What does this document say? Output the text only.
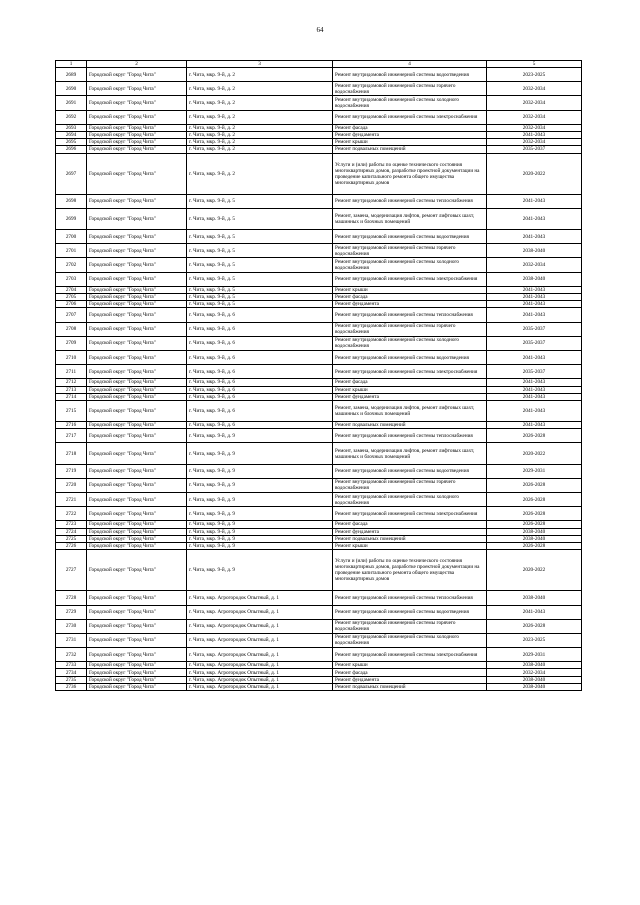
64
1	2	3	4	5
2689	Городской округ "Город Чита"	г. Чита, мкр. 9-й, д. 2	Ремонт внутридомовой инженерной системы водоотведения	2023-2025
2690	Городской округ "Город Чита"	г. Чита, мкр. 9-й, д. 2	Ремонт внутридомовой инженерной системы горячего водоснабжения	2032-2034
2691	Городской округ "Город Чита"	г. Чита, мкр. 9-й, д. 2	Ремонт внутридомовой инженерной системы холодного водоснабжения	2032-2034
2692	Городской округ "Город Чита"	г. Чита, мкр. 9-й, д. 2	Ремонт внутридомовой инженерной системы электроснабжения	2032-2034
2693	Городской округ "Город Чита"	г. Чита, мкр. 9-й, д. 2	Ремонт фасада	2032-2034
2694	Городской округ "Город Чита"	г. Чита, мкр. 9-й, д. 2	Ремонт фундамента	2041-2043
2695	Городской округ "Город Чита"	г. Чита, мкр. 9-й, д. 2	Ремонт крыши	2032-2034
2696	Городской округ "Город Чита"	г. Чита, мкр. 9-й, д. 2	Ремонт подвальных помещений	2035-2037
2697	Городской округ "Город Чита"	г. Чита, мкр. 9-й, д. 2	Услуги и (или) работы по оценке технического состояния многоквартирных домов, разработке проектной документации на проведение капитального ремонта общего имущества многоквартирных домов	2020-2022
2698	Городской округ "Город Чита"	г. Чита, мкр. 9-й, д. 5	Ремонт внутридомовой инженерной системы теплоснабжения	2041-2043
2699	Городской округ "Город Чита"	г. Чита, мкр. 9-й, д. 5	Ремонт, замена, модернизация лифтов, ремонт лифтовых шахт, машинных и блочных помещений	2041-2043
2700	Городской округ "Город Чита"	г. Чита, мкр. 9-й, д. 5	Ремонт внутридомовой инженерной системы водоотведения	2041-2043
2701	Городской округ "Город Чита"	г. Чита, мкр. 9-й, д. 5	Ремонт внутридомовой инженерной системы горячего водоснабжения	2038-2040
2702	Городской округ "Город Чита"	г. Чита, мкр. 9-й, д. 5	Ремонт внутридомовой инженерной системы холодного водоснабжения	2032-2034
2703	Городской округ "Город Чита"	г. Чита, мкр. 9-й, д. 5	Ремонт внутридомовой инженерной системы электроснабжения	2038-2040
2704	Городской округ "Город Чита"	г. Чита, мкр. 9-й, д. 5	Ремонт крыши	2041-2043
2705	Городской округ "Город Чита"	г. Чита, мкр. 9-й, д. 5	Ремонт фасада	2041-2043
2706	Городской округ "Город Чита"	г. Чита, мкр. 9-й, д. 5	Ремонт фундамента	2041-2043
2707	Городской округ "Город Чита"	г. Чита, мкр. 9-й, д. 6	Ремонт внутридомовой инженерной системы теплоснабжения	2041-2043
2708	Городской округ "Город Чита"	г. Чита, мкр. 9-й, д. 6	Ремонт внутридомовой инженерной системы горячего водоснабжения	2035-2037
2709	Городской округ "Город Чита"	г. Чита, мкр. 9-й, д. 6	Ремонт внутридомовой инженерной системы холодного водоснабжения	2035-2037
2710	Городской округ "Город Чита"	г. Чита, мкр. 9-й, д. 6	Ремонт внутридомовой инженерной системы водоотведения	2041-2043
2711	Городской округ "Город Чита"	г. Чита, мкр. 9-й, д. 6	Ремонт внутридомовой инженерной системы электроснабжения	2035-2037
2712	Городской округ "Город Чита"	г. Чита, мкр. 9-й, д. 6	Ремонт фасада	2041-2043
2713	Городской округ "Город Чита"	г. Чита, мкр. 9-й, д. 6	Ремонт крыши	2041-2043
2714	Городской округ "Город Чита"	г. Чита, мкр. 9-й, д. 6	Ремонт фундамента	2041-2043
2715	Городской округ "Город Чита"	г. Чита, мкр. 9-й, д. 6	Ремонт, замена, модернизация лифтов, ремонт лифтовых шахт, машинных и блочных помещений	2041-2043
2716	Городской округ "Город Чита"	г. Чита, мкр. 9-й, д. 6	Ремонт подвальных помещений	2041-2043
2717	Городской округ "Город Чита"	г. Чита, мкр. 9-й, д. 9	Ремонт внутридомовой инженерной системы теплоснабжения	2026-2028
2718	Городской округ "Город Чита"	г. Чита, мкр. 9-й, д. 9	Ремонт, замена, модернизация лифтов, ремонт лифтовых шахт, машинных и блочных помещений	2020-2022
2719	Городской округ "Город Чита"	г. Чита, мкр. 9-й, д. 9	Ремонт внутридомовой инженерной системы водоотведения	2029-2031
2720	Городской округ "Город Чита"	г. Чита, мкр. 9-й, д. 9	Ремонт внутридомовой инженерной системы горячего водоснабжения	2026-2028
2721	Городской округ "Город Чита"	г. Чита, мкр. 9-й, д. 9	Ремонт внутридомовой инженерной системы холодного водоснабжения	2026-2028
2722	Городской округ "Город Чита"	г. Чита, мкр. 9-й, д. 9	Ремонт внутридомовой инженерной системы электроснабжения	2026-2028
2723	Городской округ "Город Чита"	г. Чита, мкр. 9-й, д. 9	Ремонт фасада	2026-2028
2724	Городской округ "Город Чита"	г. Чита, мкр. 9-й, д. 9	Ремонт фундамента	2038-2040
2725	Городской округ "Город Чита"	г. Чита, мкр. 9-й, д. 9	Ремонт подвальных помещений	2038-2040
2726	Городской округ "Город Чита"	г. Чита, мкр. 9-й, д. 9	Ремонт крыши	2026-2028
2727	Городской округ "Город Чита"	г. Чита, мкр. 9-й, д. 9	Услуги и (или) работы по оценке технического состояния многоквартирных домов, разработке проектной документации на проведение капитального ремонта общего имущества многоквартирных домов	2020-2022
2728	Городской округ "Город Чита"	г. Чита, мкр. Агрогородок Опытный, д. 1	Ремонт внутридомовой инженерной системы теплоснабжения	2038-2040
2729	Городской округ "Город Чита"	г. Чита, мкр. Агрогородок Опытный, д. 1	Ремонт внутридомовой инженерной системы водоотведения	2041-2043
2730	Городской округ "Город Чита"	г. Чита, мкр. Агрогородок Опытный, д. 1	Ремонт внутридомовой инженерной системы горячего водоснабжения	2026-2028
2731	Городской округ "Город Чита"	г. Чита, мкр. Агрогородок Опытный, д. 1	Ремонт внутридомовой инженерной системы холодного водоснабжения	2023-2025
2732	Городской округ "Город Чита"	г. Чита, мкр. Агрогородок Опытный, д. 1	Ремонт внутридомовой инженерной системы электроснабжения	2029-2031
2733	Городской округ "Город Чита"	г. Чита, мкр. Агрогородок Опытный, д. 1	Ремонт крыши	2038-2040
2734	Городской округ "Город Чита"	г. Чита, мкр. Агрогородок Опытный, д. 1	Ремонт фасада	2032-2034
2735	Городской округ "Город Чита"	г. Чита, мкр. Агрогородок Опытный, д. 1	Ремонт фундамента	2038-2040
2736	Городской округ "Город Чита"	г. Чита, мкр. Агрогородок Опытный, д. 1	Ремонт подвальных помещений	2038-2040
